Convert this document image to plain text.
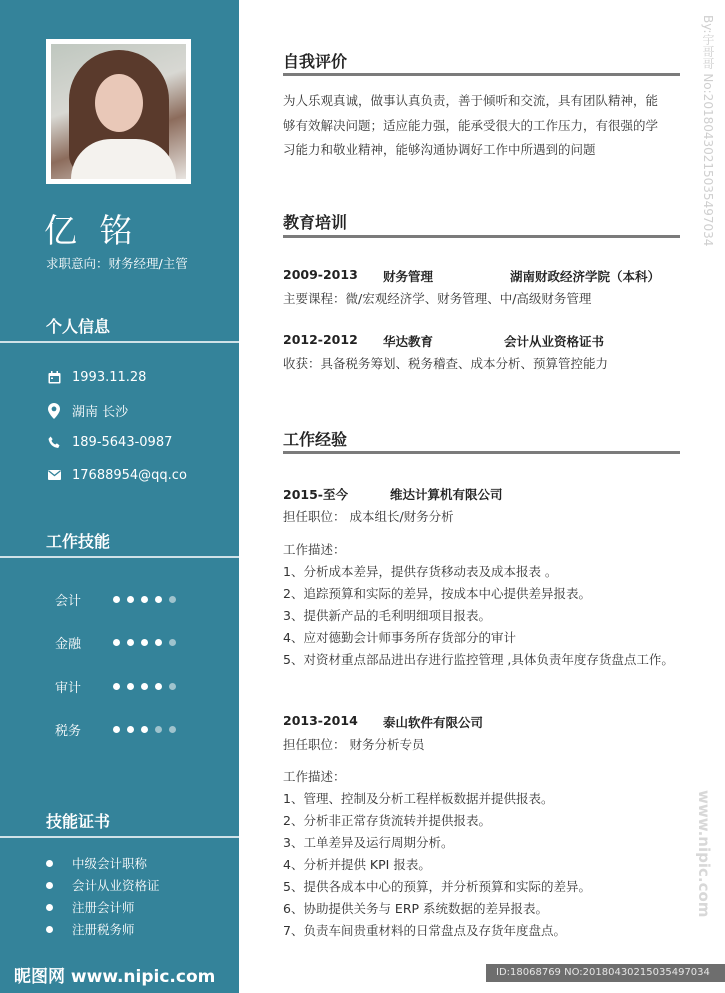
亿 铭
求职意向：财务经理/主管
个人信息
1993.11.28
湖南 长沙
189-5643-0987
17688954@qq.co
工作技能
会计
金融
审计
税务
技能证书
中级会计职称
会计从业资格证
注册会计师
注册税务师
昵图网 www.nipic.com
自我评价
为人乐观真诚，做事认真负责，善于倾听和交流，具有团队精神，能
够有效解决问题；适应能力强，能承受很大的工作压力，有很强的学
习能力和敬业精神，能够沟通协调好工作中所遇到的问题
教育培训
2009-2013 财务管理	湖南财政经济学院（本科）
主要课程：微/宏观经济学、财务管理、中/高级财务管理
2012-2012 华达教育	会计从业资格证书
收获：具备税务筹划、税务稽查、成本分析、预算管控能力
工作经验
2015-至今	维达计算机有限公司
担任职位： 成本组长/财务分析
工作描述：
1、分析成本差异，提供存货移动表及成本报表 。
2、追踪预算和实际的差异，按成本中心提供差异报表。
3、提供新产品的毛利明细项目报表。
4、应对德勤会计师事务所存货部分的审计
5、对资材重点部品进出存进行监控管理 ,具体负责年度存货盘点工作。
2013-2014 泰山软件有限公司
担任职位： 财务分析专员
工作描述：
1、管理、控制及分析工程样板数据并提供报表。
2、分析非正常存货流转并提供报表。
3、工单差异及运行周期分析。
4、分析并提供 KPI 报表。
5、提供各成本中心的预算，并分析预算和实际的差异。
6、协助提供关务与 ERP 系统数据的差异报表。
7、负责车间贵重材料的日常盘点及存货年度盘点。
By:宇哥哥 No:20180430215035497034
www.nipic.com
ID:18068769 NO:20180430215035497034
